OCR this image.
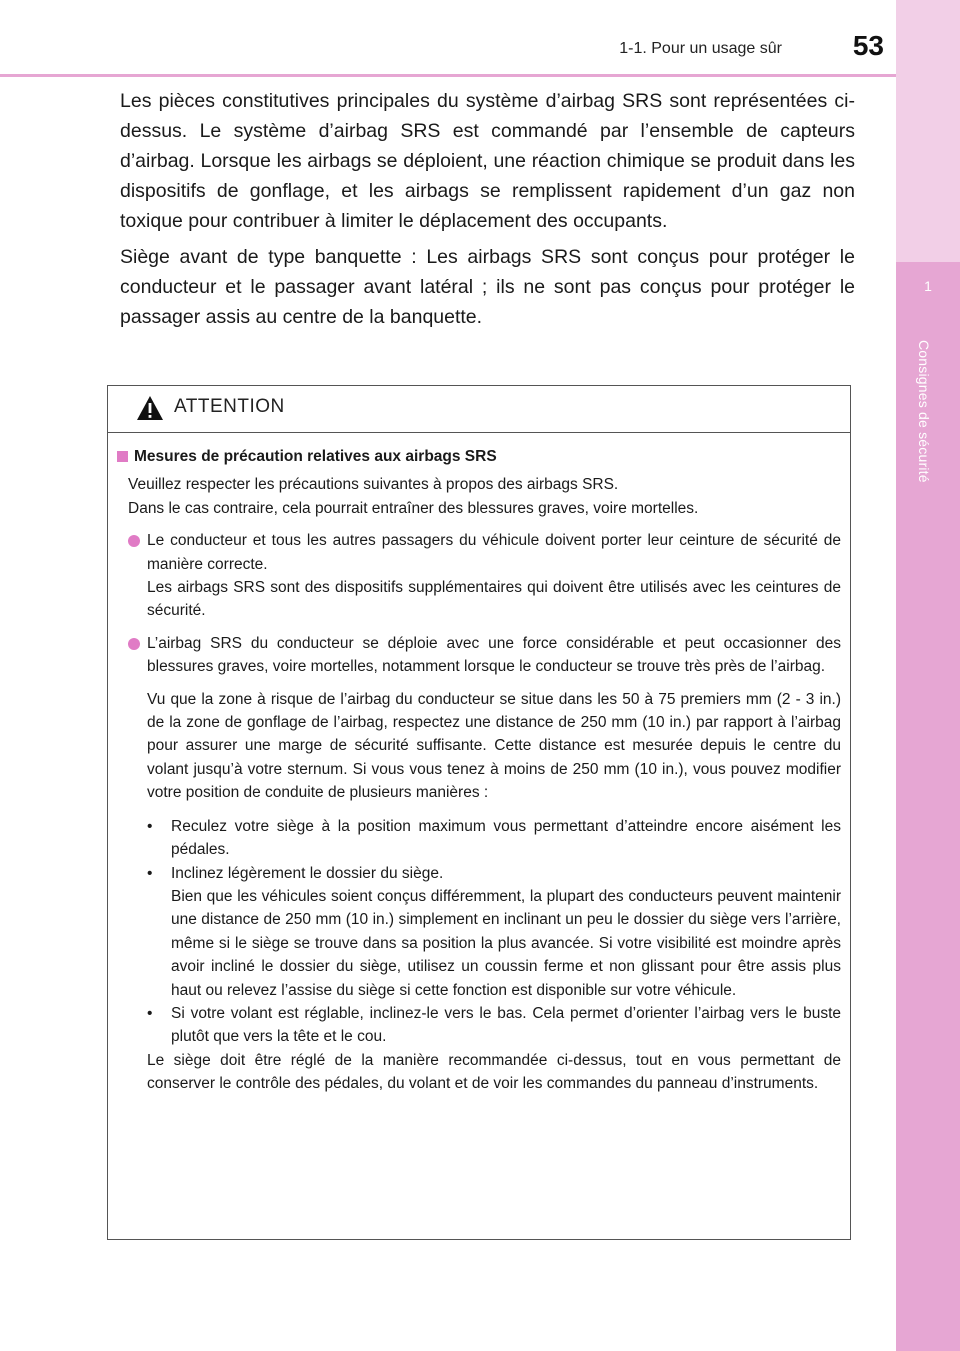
1
Consignes de sécurité
1-1. Pour un usage sûr	53

Les pièces constitutives principales du système d’airbag SRS sont représentées ci-dessus. Le système d’airbag SRS est commandé par l’ensemble de capteurs d’airbag. Lorsque les airbags se déploient, une réaction chimique se produit dans les dispositifs de gonflage, et les airbags se remplissent rapidement d’un gaz non toxique pour contribuer à limiter le déplacement des occupants.

Siège avant de type banquette : Les airbags SRS sont conçus pour protéger le conducteur et le passager avant latéral ; ils ne sont pas conçus pour protéger le passager assis au centre de la banquette.

ATTENTION
Mesures de précaution relatives aux airbags SRS
Veuillez respecter les précautions suivantes à propos des airbags SRS.
Dans le cas contraire, cela pourrait entraîner des blessures graves, voire mortelles.
Le conducteur et tous les autres passagers du véhicule doivent porter leur ceinture de sécurité de manière correcte.
Les airbags SRS sont des dispositifs supplémentaires qui doivent être utilisés avec les ceintures de sécurité.
L’airbag SRS du conducteur se déploie avec une force considérable et peut occasionner des blessures graves, voire mortelles, notamment lorsque le conducteur se trouve très près de l’airbag.
Vu que la zone à risque de l’airbag du conducteur se situe dans les 50 à 75 premiers mm (2 - 3 in.) de la zone de gonflage de l’airbag, respectez une distance de 250 mm (10 in.) par rapport à l’airbag pour assurer une marge de sécurité suffisante. Cette distance est mesurée depuis le centre du volant jusqu’à votre sternum. Si vous vous tenez à moins de 250 mm (10 in.), vous pouvez modifier votre position de conduite de plusieurs manières :
•	Reculez votre siège à la position maximum vous permettant d’atteindre encore aisément les pédales.
•	Inclinez légèrement le dossier du siège.
Bien que les véhicules soient conçus différemment, la plupart des conducteurs peuvent maintenir une distance de 250 mm (10 in.) simplement en inclinant un peu le dossier du siège vers l’arrière, même si le siège se trouve dans sa position la plus avancée. Si votre visibilité est moindre après avoir incliné le dossier du siège, utilisez un coussin ferme et non glissant pour être assis plus haut ou relevez l’assise du siège si cette fonction est disponible sur votre véhicule.
•	Si votre volant est réglable, inclinez-le vers le bas. Cela permet d’orienter l’airbag vers le buste plutôt que vers la tête et le cou.
Le siège doit être réglé de la manière recommandée ci-dessus, tout en vous permettant de conserver le contrôle des pédales, du volant et de voir les commandes du panneau d’instruments.
